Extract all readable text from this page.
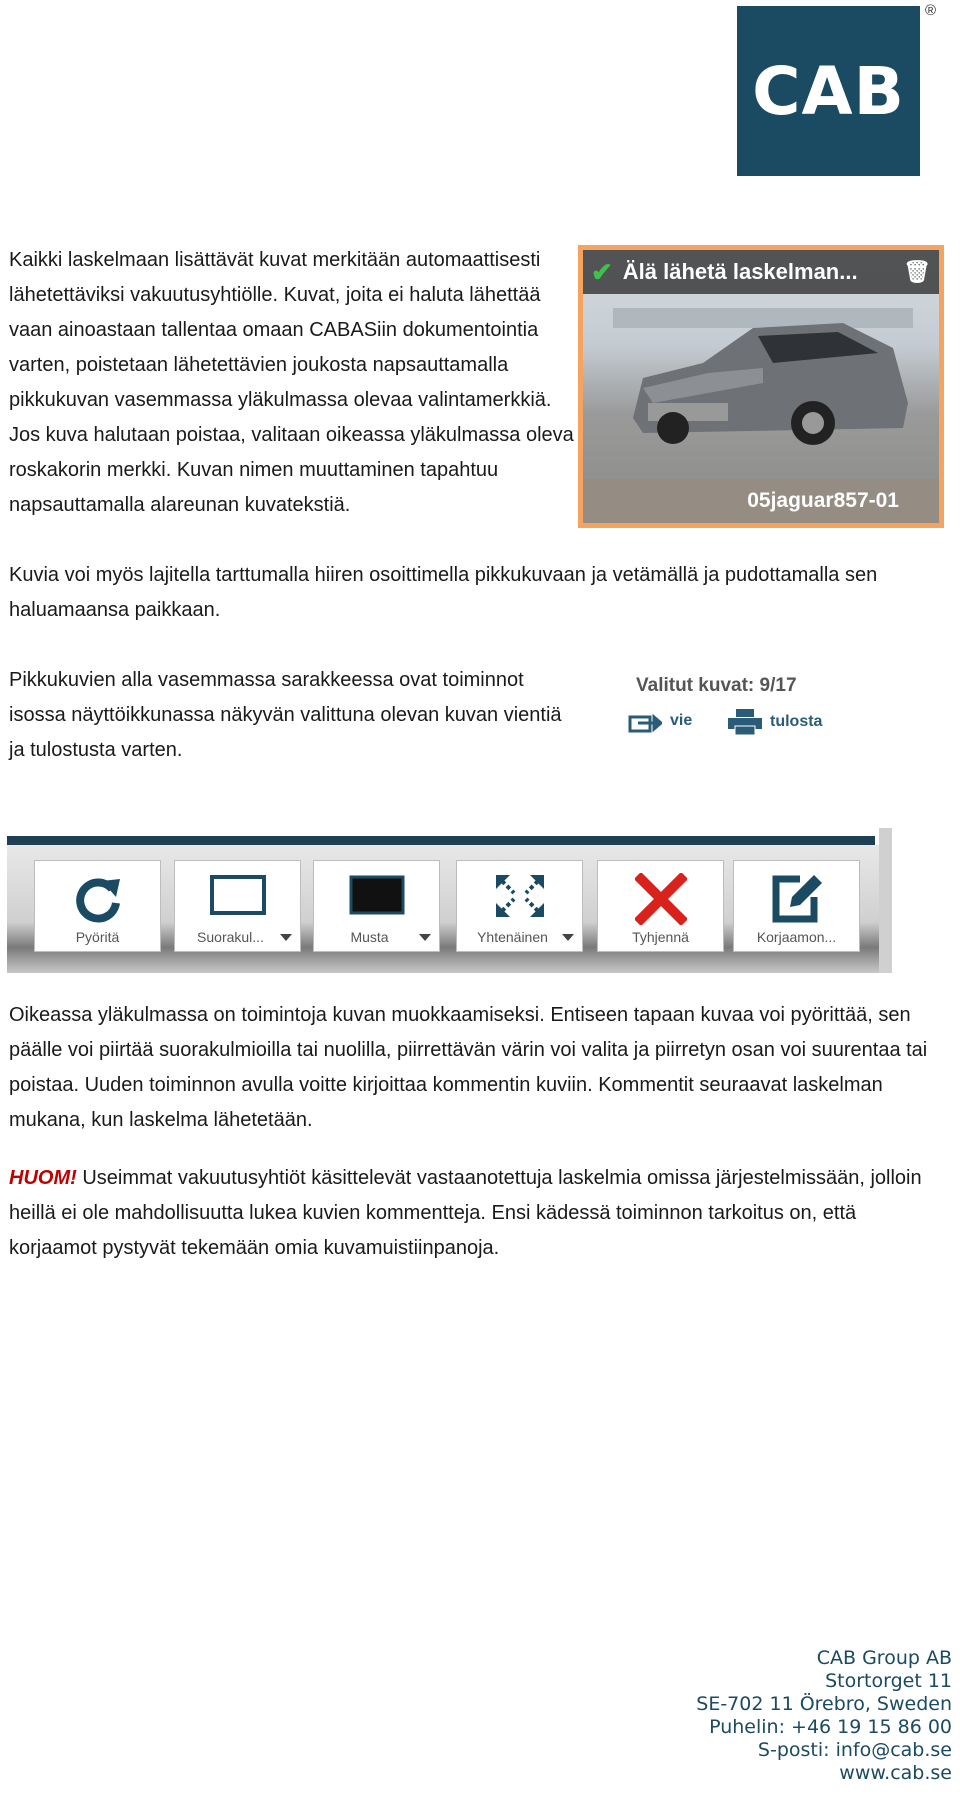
CAB
®

Kaikki laskelmaan lisättävät kuvat merkitään automaattisesti lähetettäviksi vakuutusyhtiölle. Kuvat, joita ei haluta lähettää vaan ainoastaan tallentaa omaan CABASiin dokumentointia varten, poistetaan lähetettävien joukosta napsauttamalla pikkukuvan vasemmassa yläkulmassa olevaa valintamerkkiä. Jos kuva halutaan poistaa, valitaan oikeassa yläkulmassa oleva roskakorin merkki. Kuvan nimen muuttaminen tapahtuu napsauttamalla alareunan kuvatekstiä.

✔ Älä lähetä laskelman... 🗑
05jaguar857-01

Kuvia voi myös lajitella tarttumalla hiiren osoittimella pikkukuvaan ja vetämällä ja pudottamalla sen haluamaansa paikkaan.

Pikkukuvien alla vasemmassa sarakkeessa ovat toiminnot isossa näyttöikkunassa näkyvän valittuna olevan kuvan vientiä ja tulostusta varten.

Valitut kuvat: 9/17
vie	tulosta
Pyöritä	Suorakul...	Musta	Yhtenäinen	Tyhjennä	Korjaamon...

Oikeassa yläkulmassa on toimintoja kuvan muokkaamiseksi. Entiseen tapaan kuvaa voi pyörittää, sen päälle voi piirtää suorakulmioilla tai nuolilla, piirrettävän värin voi valita ja piirretyn osan voi suurentaa tai poistaa. Uuden toiminnon avulla voitte kirjoittaa kommentin kuviin. Kommentit seuraavat laskelman mukana, kun laskelma lähetetään.

HUOM! Useimmat vakuutusyhtiöt käsittelevät vastaanotettuja laskelmia omissa järjestelmissään, jolloin heillä ei ole mahdollisuutta lukea kuvien kommentteja. Ensi kädessä toiminnon tarkoitus on, että korjaamot pystyvät tekemään omia kuvamuistiinpanoja.

CAB Group AB
Stortorget 11
SE-702 11 Örebro, Sweden
Puhelin: +46 19 15 86 00
S-posti: info@cab.se
www.cab.se
